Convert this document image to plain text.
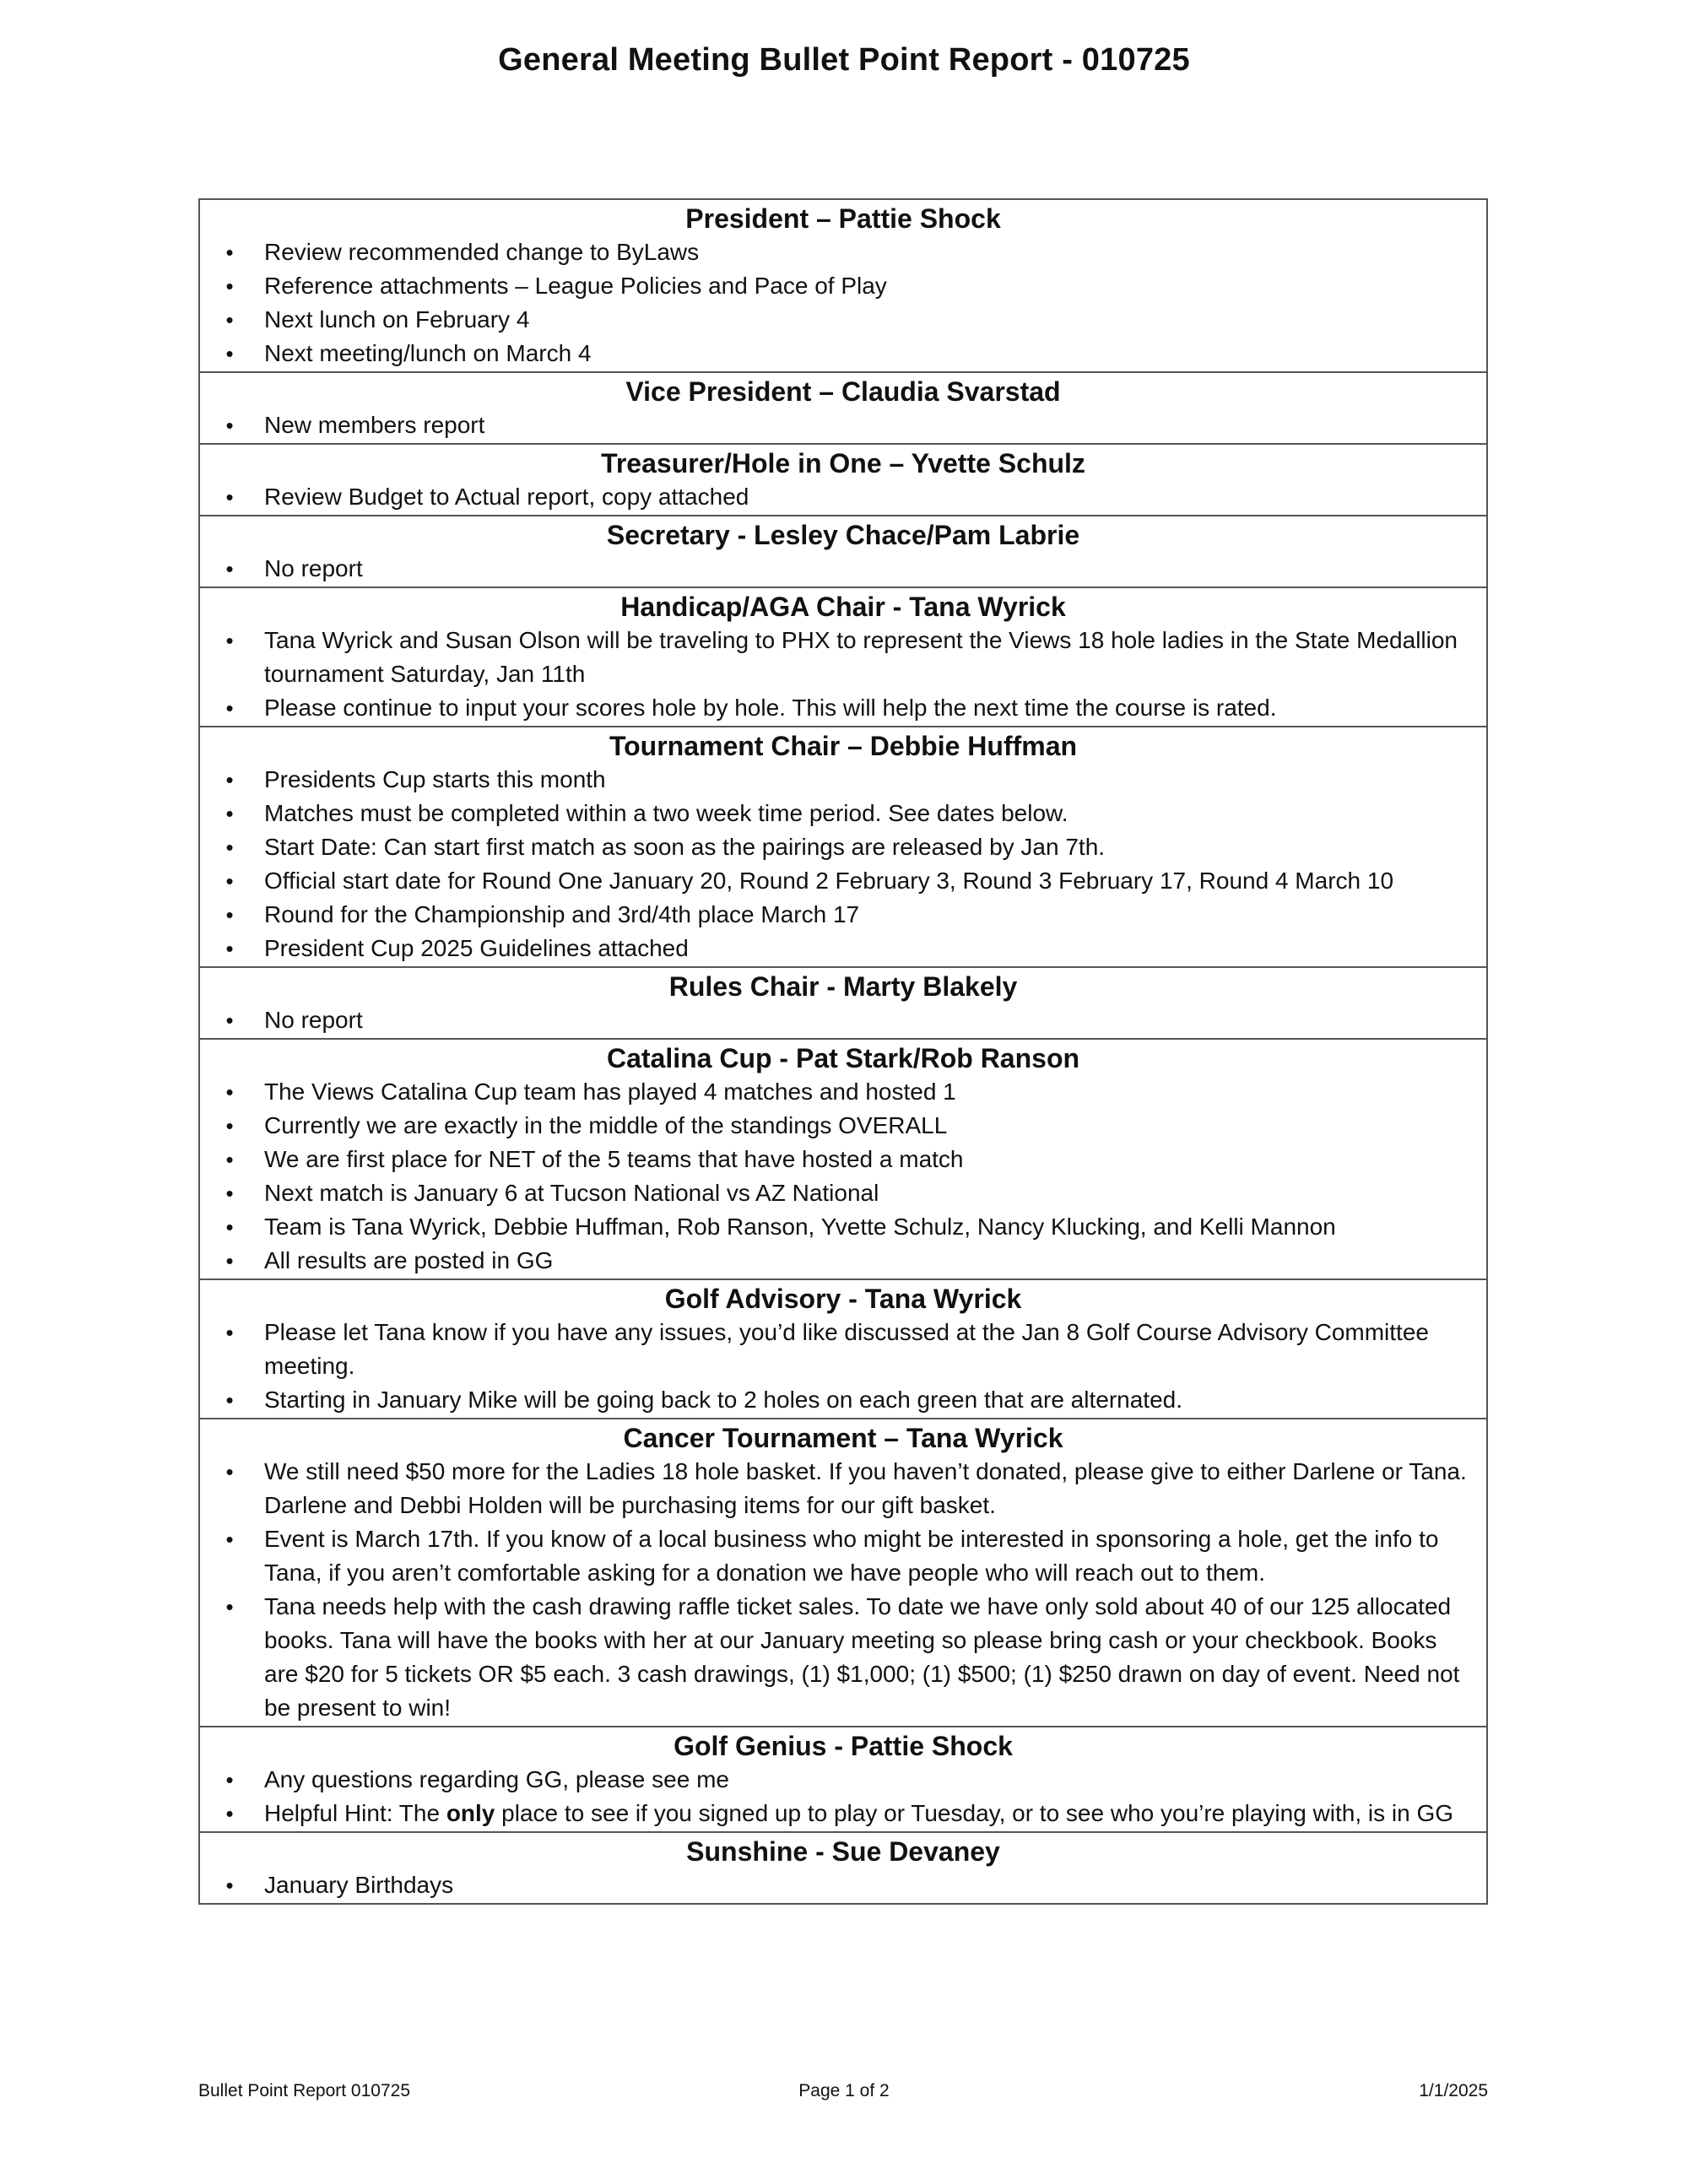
General Meeting Bullet Point Report - 010725
President – Pattie Shock
•	Review recommended change to ByLaws
•	Reference attachments – League Policies and Pace of Play
•	Next lunch on February 4
•	Next meeting/lunch on March 4
Vice President – Claudia Svarstad
•	New members report
Treasurer/Hole in One – Yvette Schulz
•	Review Budget to Actual report, copy attached
Secretary - Lesley Chace/Pam Labrie
•	No report
Handicap/AGA Chair - Tana Wyrick
•	Tana Wyrick and Susan Olson will be traveling to PHX to represent the Views 18 hole ladies in the State Medallion tournament Saturday, Jan 11th
•	Please continue to input your scores hole by hole. This will help the next time the course is rated.
Tournament Chair – Debbie Huffman
•	Presidents Cup starts this month
•	Matches must be completed within a two week time period. See dates below.
•	Start Date: Can start first match as soon as the pairings are released by Jan 7th.
•	Official start date for Round One January 20, Round 2 February 3, Round 3 February 17, Round 4 March 10
•	Round for the Championship and 3rd/4th place March 17
•	President Cup 2025 Guidelines attached
Rules Chair - Marty Blakely
•	No report
Catalina Cup - Pat Stark/Rob Ranson
•	The Views Catalina Cup team has played 4 matches and hosted 1
•	Currently we are exactly in the middle of the standings OVERALL
•	We are first place for NET of the 5 teams that have hosted a match
•	Next match is January 6 at Tucson National vs AZ National
•	Team is Tana Wyrick, Debbie Huffman, Rob Ranson, Yvette Schulz, Nancy Klucking, and Kelli Mannon
•	All results are posted in GG
Golf Advisory - Tana Wyrick
•	Please let Tana know if you have any issues, you’d like discussed at the Jan 8 Golf Course Advisory Committee meeting.
•	Starting in January Mike will be going back to 2 holes on each green that are alternated.
Cancer Tournament – Tana Wyrick
•	We still need $50 more for the Ladies 18 hole basket. If you haven’t donated, please give to either Darlene or Tana. Darlene and Debbi Holden will be purchasing items for our gift basket.
•	Event is March 17th. If you know of a local business who might be interested in sponsoring a hole, get the info to Tana, if you aren’t comfortable asking for a donation we have people who will reach out to them.
•	Tana needs help with the cash drawing raffle ticket sales. To date we have only sold about 40 of our 125 allocated books. Tana will have the books with her at our January meeting so please bring cash or your checkbook. Books are $20 for 5 tickets OR $5 each. 3 cash drawings, (1) $1,000; (1) $500; (1) $250 drawn on day of event. Need not be present to win!
Golf Genius - Pattie Shock
•	Any questions regarding GG, please see me
•	Helpful Hint: The only place to see if you signed up to play or Tuesday, or to see who you’re playing with, is in GG
Sunshine - Sue Devaney
•	January Birthdays
Bullet Point Report 010725	Page 1 of 2	1/1/2025
